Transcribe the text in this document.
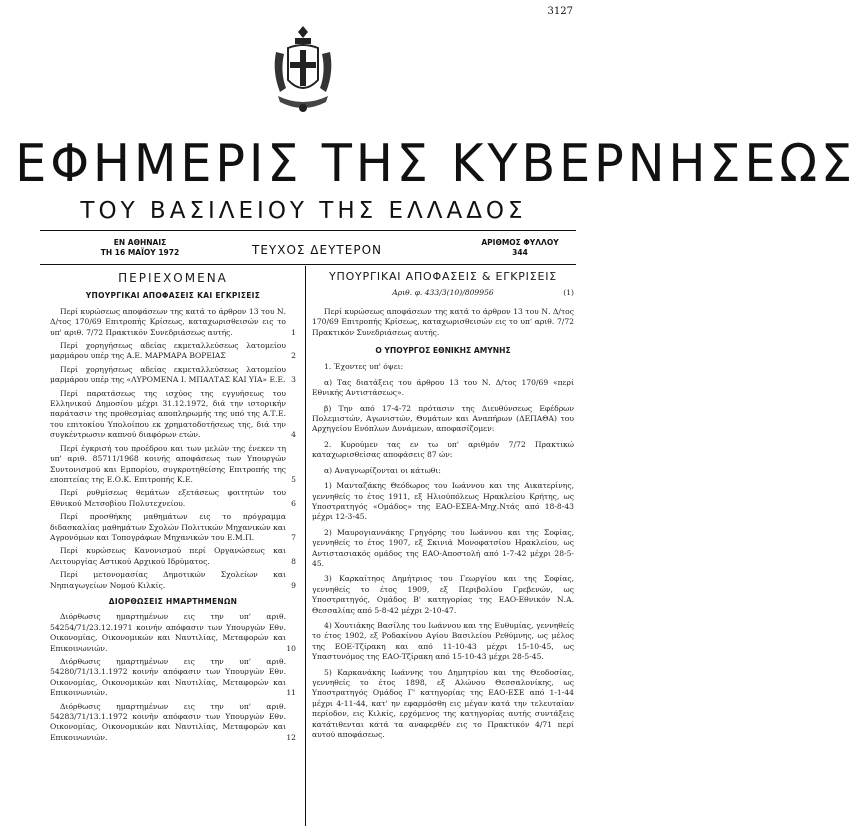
3127
ΕΦΗΜΕΡΙΣ ΤΗΣ ΚΥΒΕΡΝΗΣΕΩΣ
ΤΟΥ ΒΑΣΙΛΕΙΟΥ ΤΗΣ ΕΛΛΑΔΟΣ
ΕΝ ΑΘΗΝΑΙΣ
ΤΗ 16 ΜΑΪΟΥ 1972	ΤΕΥΧΟΣ ΔΕΥΤΕΡΟΝ
ΑΡΙΘΜΟΣ ΦΥΛΛΟΥ
344
ΠΕΡΙΕΧΟΜΕΝΑ
ΥΠΟΥΡΓΙΚΑΙ ΑΠΟΦΑΣΕΙΣ ΚΑΙ ΕΓΚΡΙΣΕΙΣ

Περί κυρώσεως αποφάσεων της κατά το άρθρον 13 του Ν. Δ/τος 170/69 Επιτροπής Κρίσεως, καταχωρισθεισών εις το υπ' αριθ. 7/72 Πρακτικόν Συνεδριάσεως αυτής.	1

Περί χορηγήσεως αδείας εκμεταλλεύσεως λατομείου μαρμάρου υπέρ της Α.Ε. ΜΑΡΜΑΡΑ ΒΟΡΕΙΑΣ	2

Περί χορηγήσεως αδείας εκμεταλλεύσεως λατομείου μαρμάρου υπέρ της «ΛΥΡΟΜΕΝΑ Ι. ΜΠΑΛΤΑΣ ΚΑΙ ΥΙΑ» Ε.Ε. 3

Περί παρατάσεως της ισχύος της εγγυήσεως του Ελληνικού Δημοσίου μέχρι 31.12.1972, διά την ιστορικήν παράτασιν της προθεσμίας αποπληρωμής της υπό της Α.Τ.Ε. του επιτοκίου Υπολοίπου εκ χρηματοδοτήσεως της, διά την συγκέντρωσιν καπνού διαφόρων ετών.	4

Περί έγκρισή του προέδρου και των μελών της ένεκεν τη υπ' αριθ. 85711/1968 κοινής αποφάσεως των Υπουργών Συντονισμού και Εμπορίου, συγκροτηθείσης Επιτροπής της εποπτείας της Ε.Ο.Κ. Επιτροπής Κ.Ε.	5

Περί ρυθμίσεως θεμάτων εξετάσεως φοιτητών του Εθνικού Μετσοβίου Πολυτεχνείου.	6

Περί προσθήκης μαθημάτων εις το πρόγραμμα διδασκαλίας μαθημάτων Σχολών Πολιτικών Μηχανικών και Αγρονόμων και Τοπογράφων Μηχανικών του Ε.Μ.Π.	7

Περί κυρώσεως Κανονισμού περί Οργανώσεως και Λειτουργίας Αστικού Αρχικού Ιδρύματος.	8

Περί μετονομασίας Δημοτικών Σχολείων και Νηπιαγωγείων Νομού Κιλκίς.	9

ΔΙΟΡΘΩΣΕΙΣ ΗΜΑΡΤΗΜΕΝΩΝ

Διόρθωσις ημαρτημένων εις την υπ' αριθ. 54254/71/23.12.1971 κοινήν απόφασιν των Υπουργών Εθν. Οικονομίας, Οικονομικών και Ναυτιλίας, Μεταφορών και Επικοινωνιών.	10

Διόρθωσις ημαρτημένων εις την υπ' αριθ. 54280/71/13.1.1972 κοινήν απόφασιν των Υπουργών Εθν. Οικονομίας, Οικονομικών και Ναυτιλίας, Μεταφορών και Επικοινωνιών.	11

Διόρθωσις ημαρτημένων εις την υπ' αριθ. 54283/71/13.1.1972 κοινήν απόφασιν των Υπουργών Εθν. Οικονομίας, Οικονομικών και Ναυτιλίας, Μεταφορών και Επικοινωνιών.	12

ΥΠΟΥΡΓΙΚΑΙ ΑΠΟΦΑΣΕΙΣ & ΕΓΚΡΙΣΕΙΣ
Αριθ. φ. 433/3(10)/809956	(1)

Περί κυρώσεως αποφάσεων της κατά το άρθρον 13 του Ν. Δ/τος 170/69 Επιτροπής Κρίσεως, καταχωρισθεισών εις το υπ' αριθ. 7/72 Πρακτικόν Συνεδριάσεως αυτής.

Ο ΥΠΟΥΡΓΟΣ ΕΘΝΙΚΗΣ ΑΜΥΝΗΣ

1. Έχοντες υπ' όψει:

α) Τας διατάξεις του άρθρου 13 του Ν. Δ/τος 170/69 «περί Εθνικής Αντιστάσεως».

β) Την από 17-4-72 πρότασιν της Διευθύνσεως Εφέδρων Πολεμιστών, Αγωνιστών, Θυμάτων και Αναπήρων (ΔΕΠΑΘΑ) του Αρχηγείου Ενόπλων Δυνάμεων, αποφασίζομεν:

2. Κυρούμεν τας εν τω υπ' αριθμόν 7/72 Πρακτικώ καταχωρισθείσας αποφάσεις 87 ών:

α) Αναγνωρίζονται οι κάτωθι:

1) Μανταζάκης Θεόδωρος του Ιωάννου και της Αικατερίνης, γεννηθείς το έτος 1911, εξ Ηλιούπόλεως Ηρακλείου Κρήτης, ως Υποστρατηγός «Ομάδος» της ΕΑΟ-ΕΣΕΑ-Μηχ.Ντάς από 18-8-43 μέχρι 12-3-45.

2) Μαυρογιαννάκης Γρηγόρης του Ιωάννου και της Σοφίας, γεννηθείς το έτος 1907, εξ Σκινιά Μονοφατσίου Ηρακλείου, ως Αντιστασιακός ομάδος της ΕΑΟ-Αποστολή από 1-7-42 μέχρι 28-5-45.

3) Καρκαίτηος Δημήτριος του Γεωργίου και της Σοφίας, γεννηθείς το έτος 1909, εξ Περιβολίου Γρεβενών, ως Υποστρατηγός, Ομάδος Β' κατηγορίας της ΕΑΟ-Εθνικόν Ν.Α. Θεσσαλίας από 5-8-42 μέχρι 2-10-47.

4) Χουτιάκης Βασίλης του Ιωάννου και της Ευθυμίας, γεννηθείς το έτος 1902, εξ Ροδακίνου Αγίου Βασιλείου Ρεθύμνης, ως μέλος της ΕΟΕ-Τζίρακη και από 11-10-43 μέχρι 15-10-45, ως Υπαστυνόμος της ΕΑΟ-Τζίρακη από 15-10-43 μέχρι 28-5-45.

5) Καρκανάκης Ιωάννης του Δημητρίου και της Θεοδοσίας, γεννηθείς το έτος 1898, εξ Αλώνου Θεσσαλονίκης, ως Υποστρατηγός Ομάδος Γ' κατηγορίας της ΕΑΟ-ΕΣΕ από 1-1-44 μέχρι 4-11-44, κατ' ην εφαρμόσθη εις μέγαν κατά την τελευταίαν περίοδον, εις Κιλκίς, ερχόμενος της κατηγορίας αυτής συντάξεις κατάτιθενται κατά τα αναφερθέν εις το Πρακτικόν 4/71 περί αυτού αποφάσεως.
